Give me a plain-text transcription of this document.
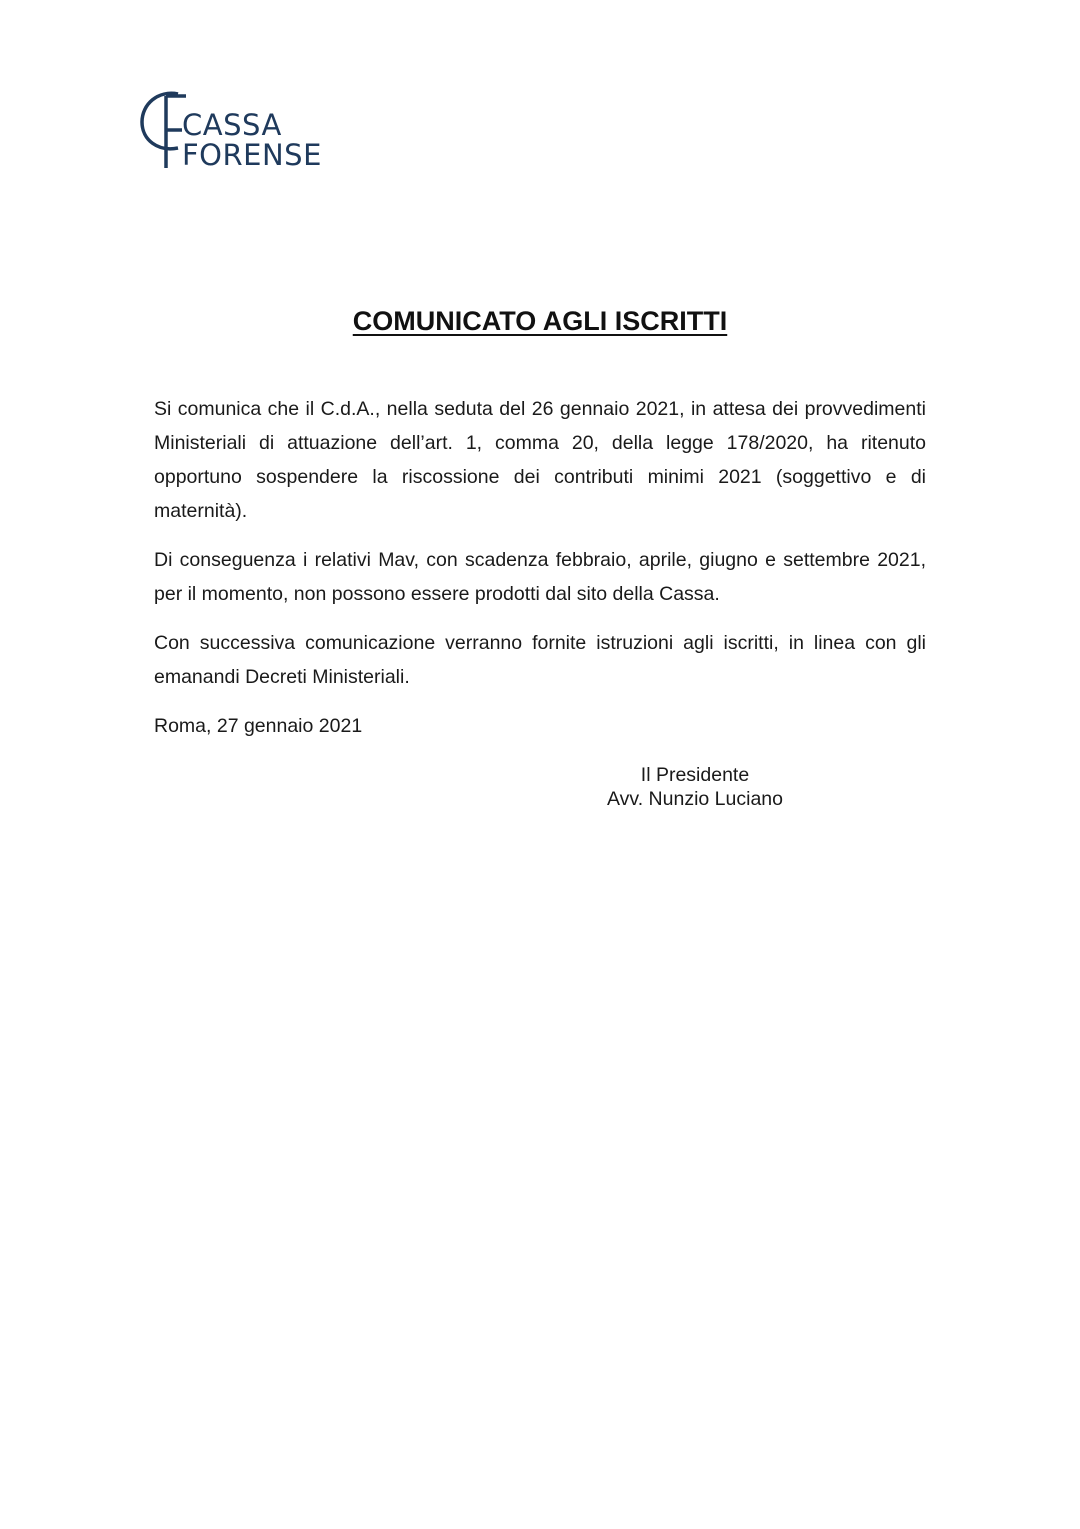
CASSA
FORENSE
COMUNICATO AGLI ISCRITTI

Si comunica che il C.d.A., nella seduta del 26 gennaio 2021, in attesa dei provvedimenti Ministeriali di attuazione dell’art. 1, comma 20, della legge 178/2020, ha ritenuto opportuno sospendere la riscossione dei contributi minimi 2021 (soggettivo e di maternità).

Di conseguenza i relativi Mav, con scadenza febbraio, aprile, giugno e settembre 2021, per il momento, non possono essere prodotti dal sito della Cassa.

Con successiva comunicazione verranno fornite istruzioni agli iscritti, in linea con gli emanandi Decreti Ministeriali.

Roma, 27 gennaio 2021

Il Presidente
Avv. Nunzio Luciano
